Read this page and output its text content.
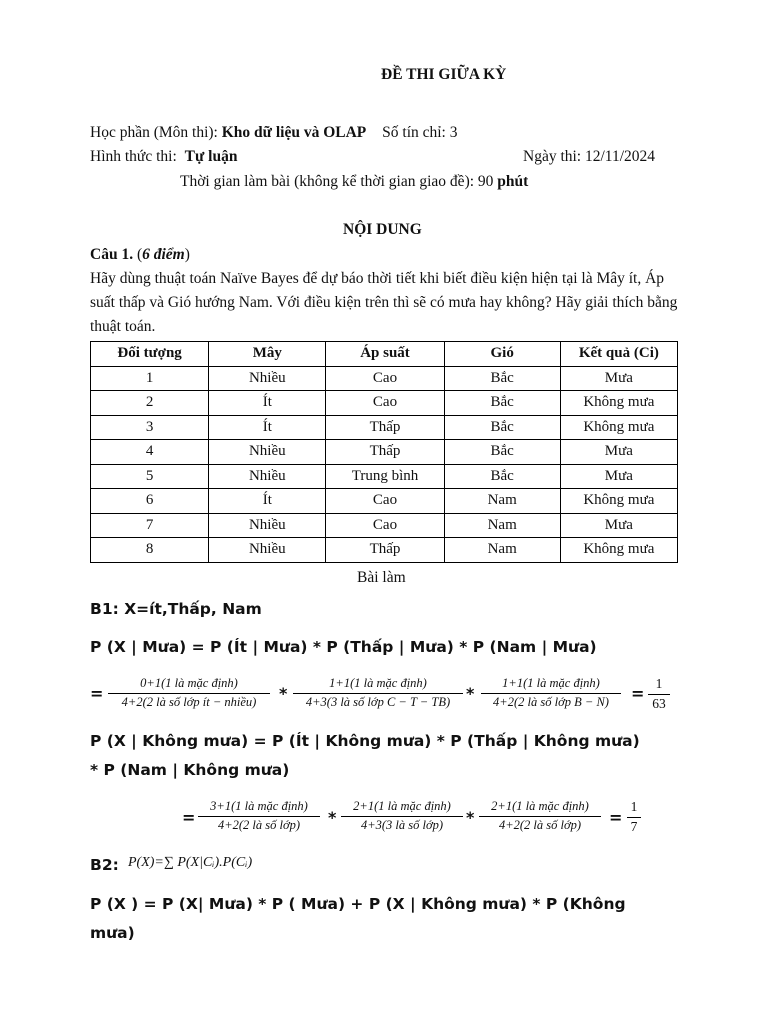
ĐỀ THI GIỮA KỲ
Học phần (Môn thi): Kho dữ liệu và OLAP Số tín chỉ: 3
Hình thức thi: Tự luận	Ngày thi: 12/11/2024
Thời gian làm bài (không kể thời gian giao đề): 90 phút
NỘI DUNG
Câu 1. (6 điểm)
Hãy dùng thuật toán Naïve Bayes để dự báo thời tiết khi biết điều kiện hiện tại là Mây ít, Áp suất thấp và Gió hướng Nam. Với điều kiện trên thì sẽ có mưa hay không? Hãy giải thích bằng thuật toán.
Đối tượng	Mây	Áp suất	Gió	Kết quả (Ci)
1	Nhiều	Cao	Bắc	Mưa
2	Ít	Cao	Bắc	Không mưa
3	Ít	Thấp	Bắc	Không mưa
4	Nhiều	Thấp	Bắc	Mưa
5	Nhiều	Trung bình	Bắc	Mưa
6	Ít	Cao	Nam	Không mưa
7	Nhiều	Cao	Nam	Mưa
8	Nhiều	Thấp	Nam	Không mưa
Bài làm
B1: X=ít,Thấp, Nam
P (X | Mưa) = P (Ít | Mưa) * P (Thấp | Mưa) * P (Nam | Mưa)
=
0+1(1 là mặc định)
4+2(2 là số lớp ít − nhiều)	*
1+1(1 là mặc định)
4+3(3 là số lớp C − T − TB) *
1+1(1 là mặc định)
4+2(2 là số lớp B − N)	=
1
63
P (X | Không mưa) = P (Ít | Không mưa) * P (Thấp | Không mưa)
* P (Nam | Không mưa)
=
3+1(1 là mặc định)
4+2(2 là số lớp)	*
2+1(1 là mặc định)
4+3(3 là số lớp)	*
2+1(1 là mặc định)
4+2(2 là số lớp)	=
1
7
B2: P(X)=∑ P(X|Cᵢ).P(Cᵢ)
P (X ) = P (X| Mưa) * P ( Mưa) + P (X | Không mưa) * P (Không
mưa)
